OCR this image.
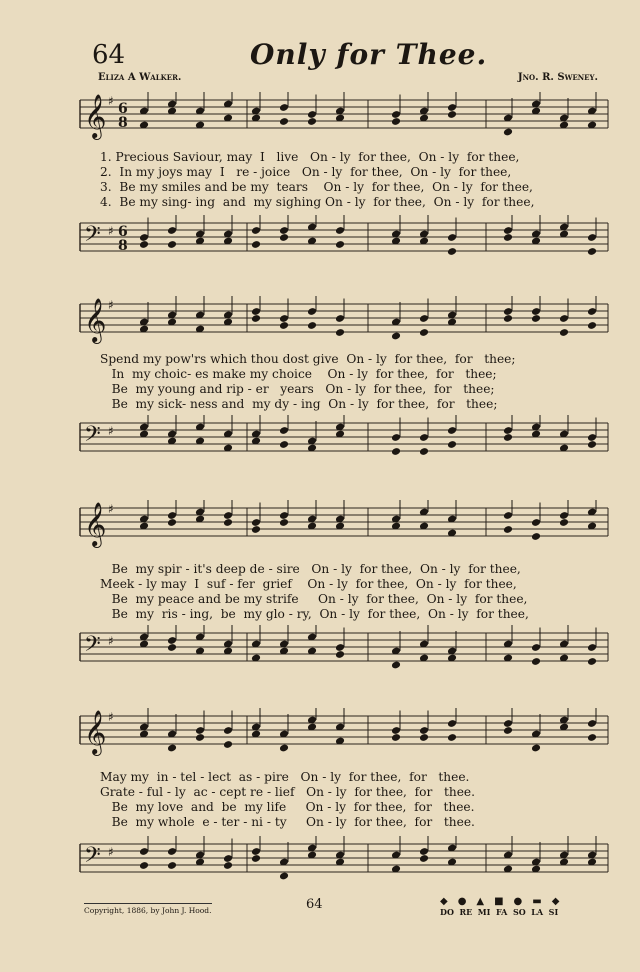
64	Only for Thee.
Eliza A Walker.	Jno. R. Sweney.
𝄞 ♯ 6
8
1. Precious Saviour, may  I   live   On - ly  for thee,  On - ly  for thee,
2.  In my joys may  I   re - joice   On - ly  for thee,  On - ly  for thee,
3.  Be my smiles and be my  tears    On - ly  for thee,  On - ly  for thee,
4.  Be my sing- ing  and  my sighing On - ly  for thee,  On - ly  for thee,
𝄢 ♯ 6
8
𝄞 ♯
Spend my pow'rs which thou dost give  On - ly  for thee,  for   thee;
In  my choic- es make my choice    On - ly  for thee,  for   thee;
Be  my young and rip - er   years   On - ly  for thee,  for   thee;
Be  my sick- ness and  my dy - ing  On - ly  for thee,  for   thee;
𝄢 ♯
𝄞 ♯
Be  my spir - it's deep de - sire   On - ly  for thee,  On - ly  for thee,
Meek - ly may  I  suf - fer  grief    On - ly  for thee,  On - ly  for thee,
Be  my peace and be my strife     On - ly  for thee,  On - ly  for thee,
Be  my  ris - ing,  be  my glo - ry,  On - ly  for thee,  On - ly  for thee,
𝄢 ♯
𝄞 ♯
May my  in - tel - lect  as - pire   On - ly  for thee,  for   thee.
Grate - ful - ly  ac - cept re - lief   On - ly  for thee,  for   thee.
Be  my love  and  be  my life     On - ly  for thee,  for   thee.
Be  my whole  e - ter - ni - ty     On - ly  for thee,  for   thee.
𝄢 ♯
Copyright, 1886, by John J. Hood.	64	◆●▲■●▬◆
DO  RE  MI  FA  SO  LA  SI
